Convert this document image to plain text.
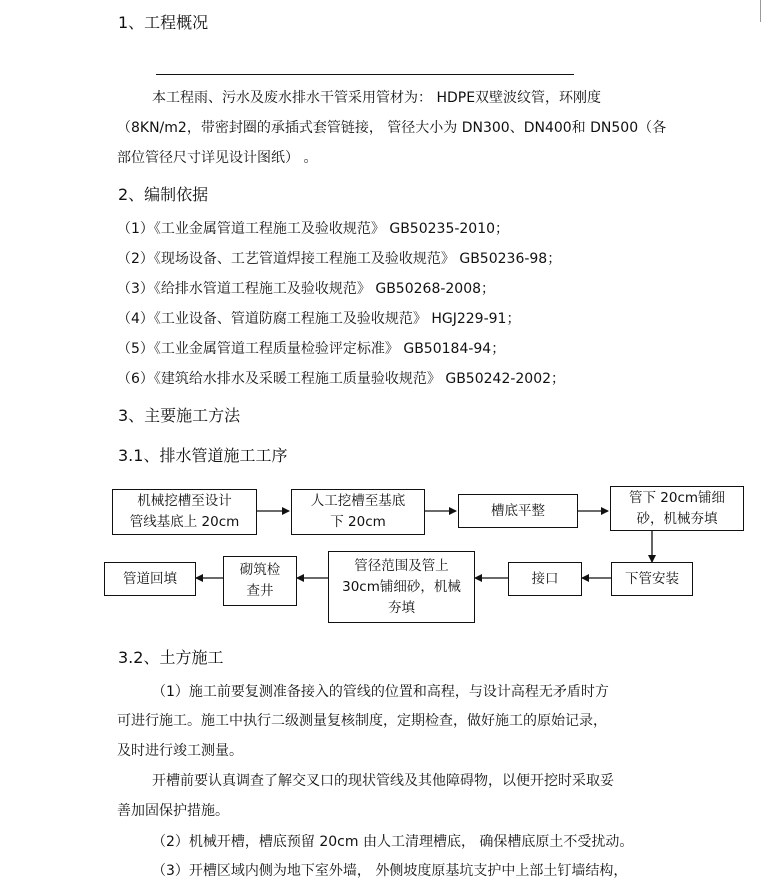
1、工程概况
本工程雨、污水及废水排水干管采用管材为： HDPE双壁波纹管，环刚度
（8KN/m2，带密封圈的承插式套管链接， 管径大小为 DN300、DN400和 DN500（各
部位管径尺寸详见设计图纸） 。
2、编制依据
（1）《工业金属管道工程施工及验收规范》 GB50235-2010；
（2）《现场设备、工艺管道焊接工程施工及验收规范》 GB50236-98；
（3）《给排水管道工程施工及验收规范》 GB50268-2008；
（4）《工业设备、管道防腐工程施工及验收规范》 HGJ229-91；
（5）《工业金属管道工程质量检验评定标准》 GB50184-94；
（6）《建筑给水排水及采暖工程施工质量验收规范》 GB50242-2002；
3、主要施工方法
3.1、排水管道施工工序
机械挖槽至设计
管线基底上 20cm
人工挖槽至基底
下 20cm
槽底平整
管下 20cm铺细
砂，机械夯填
下管安装
接口
管径范围及管上
30cm铺细砂，机械
夯填
砌筑检
查井
管道回填
3.2、土方施工
（1）施工前要复测准备接入的管线的位置和高程，与设计高程无矛盾时方
可进行施工。施工中执行二级测量复核制度，定期检查，做好施工的原始记录，
及时进行竣工测量。
开槽前要认真调查了解交叉口的现状管线及其他障碍物，以便开挖时采取妥
善加固保护措施。
（2）机械开槽，槽底预留 20cm 由人工清理槽底， 确保槽底原土不受扰动。
（3）开槽区域内侧为地下室外墙， 外侧坡度原基坑支护中上部土钉墙结构，
